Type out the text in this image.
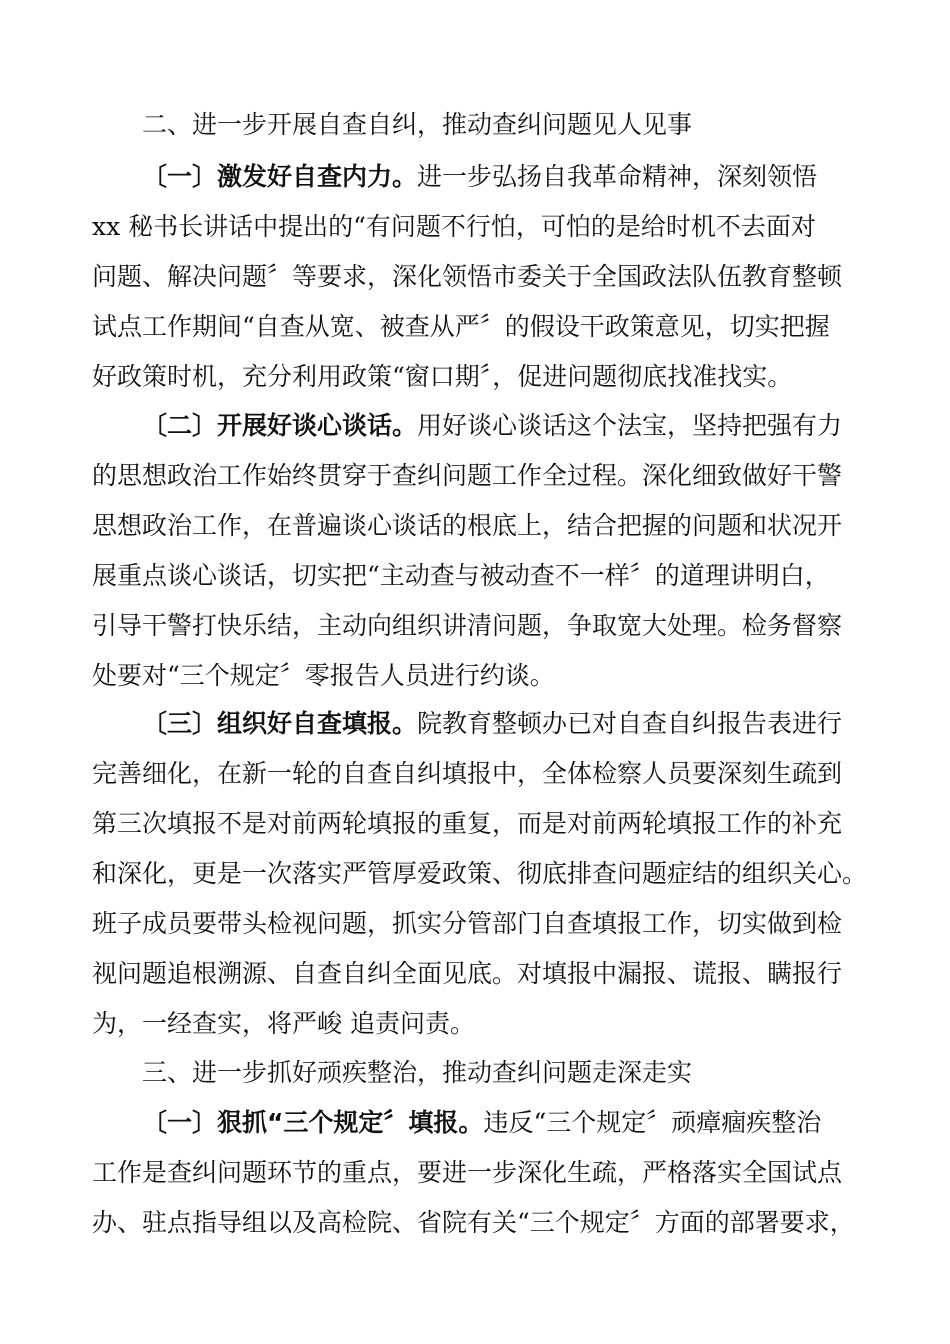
二、进一步开展自查自纠，推动查纠问题见人见事
〔一〕激发好自查内力。进一步弘扬自我革命精神，深刻领悟
xx 秘书长讲话中提出的“有问题不行怕，可怕的是给时机不去面对
问题、解决问题〞等要求，深化领悟市委关于全国政法队伍教育整顿
试点工作期间“自查从宽、被查从严〞的假设干政策意见，切实把握
好政策时机，充分利用政策“窗口期〞，促进问题彻底找准找实。
〔二〕开展好谈心谈话。用好谈心谈话这个法宝，坚持把强有力
的思想政治工作始终贯穿于查纠问题工作全过程。深化细致做好干警
思想政治工作，在普遍谈心谈话的根底上，结合把握的问题和状况开
展重点谈心谈话，切实把“主动查与被动查不一样〞的道理讲明白，
引导干警打快乐结，主动向组织讲清问题，争取宽大处理。检务督察
处要对“三个规定〞零报告人员进行约谈。
〔三〕组织好自查填报。院教育整顿办已对自查自纠报告表进行
完善细化，在新一轮的自查自纠填报中，全体检察人员要深刻生疏到
第三次填报不是对前两轮填报的重复，而是对前两轮填报工作的补充
和深化，更是一次落实严管厚爱政策、彻底排查问题症结的组织关心。
班子成员要带头检视问题，抓实分管部门自查填报工作，切实做到检
视问题追根溯源、自查自纠全面见底。对填报中漏报、谎报、瞒报行
为，一经查实，将严峻 追责问责。
三、进一步抓好顽疾整治，推动查纠问题走深走实
〔一〕狠抓“三个规定〞填报。违反“三个规定〞顽瘴痼疾整治
工作是查纠问题环节的重点，要进一步深化生疏，严格落实全国试点
办、驻点指导组以及高检院、省院有关“三个规定〞方面的部署要求，
